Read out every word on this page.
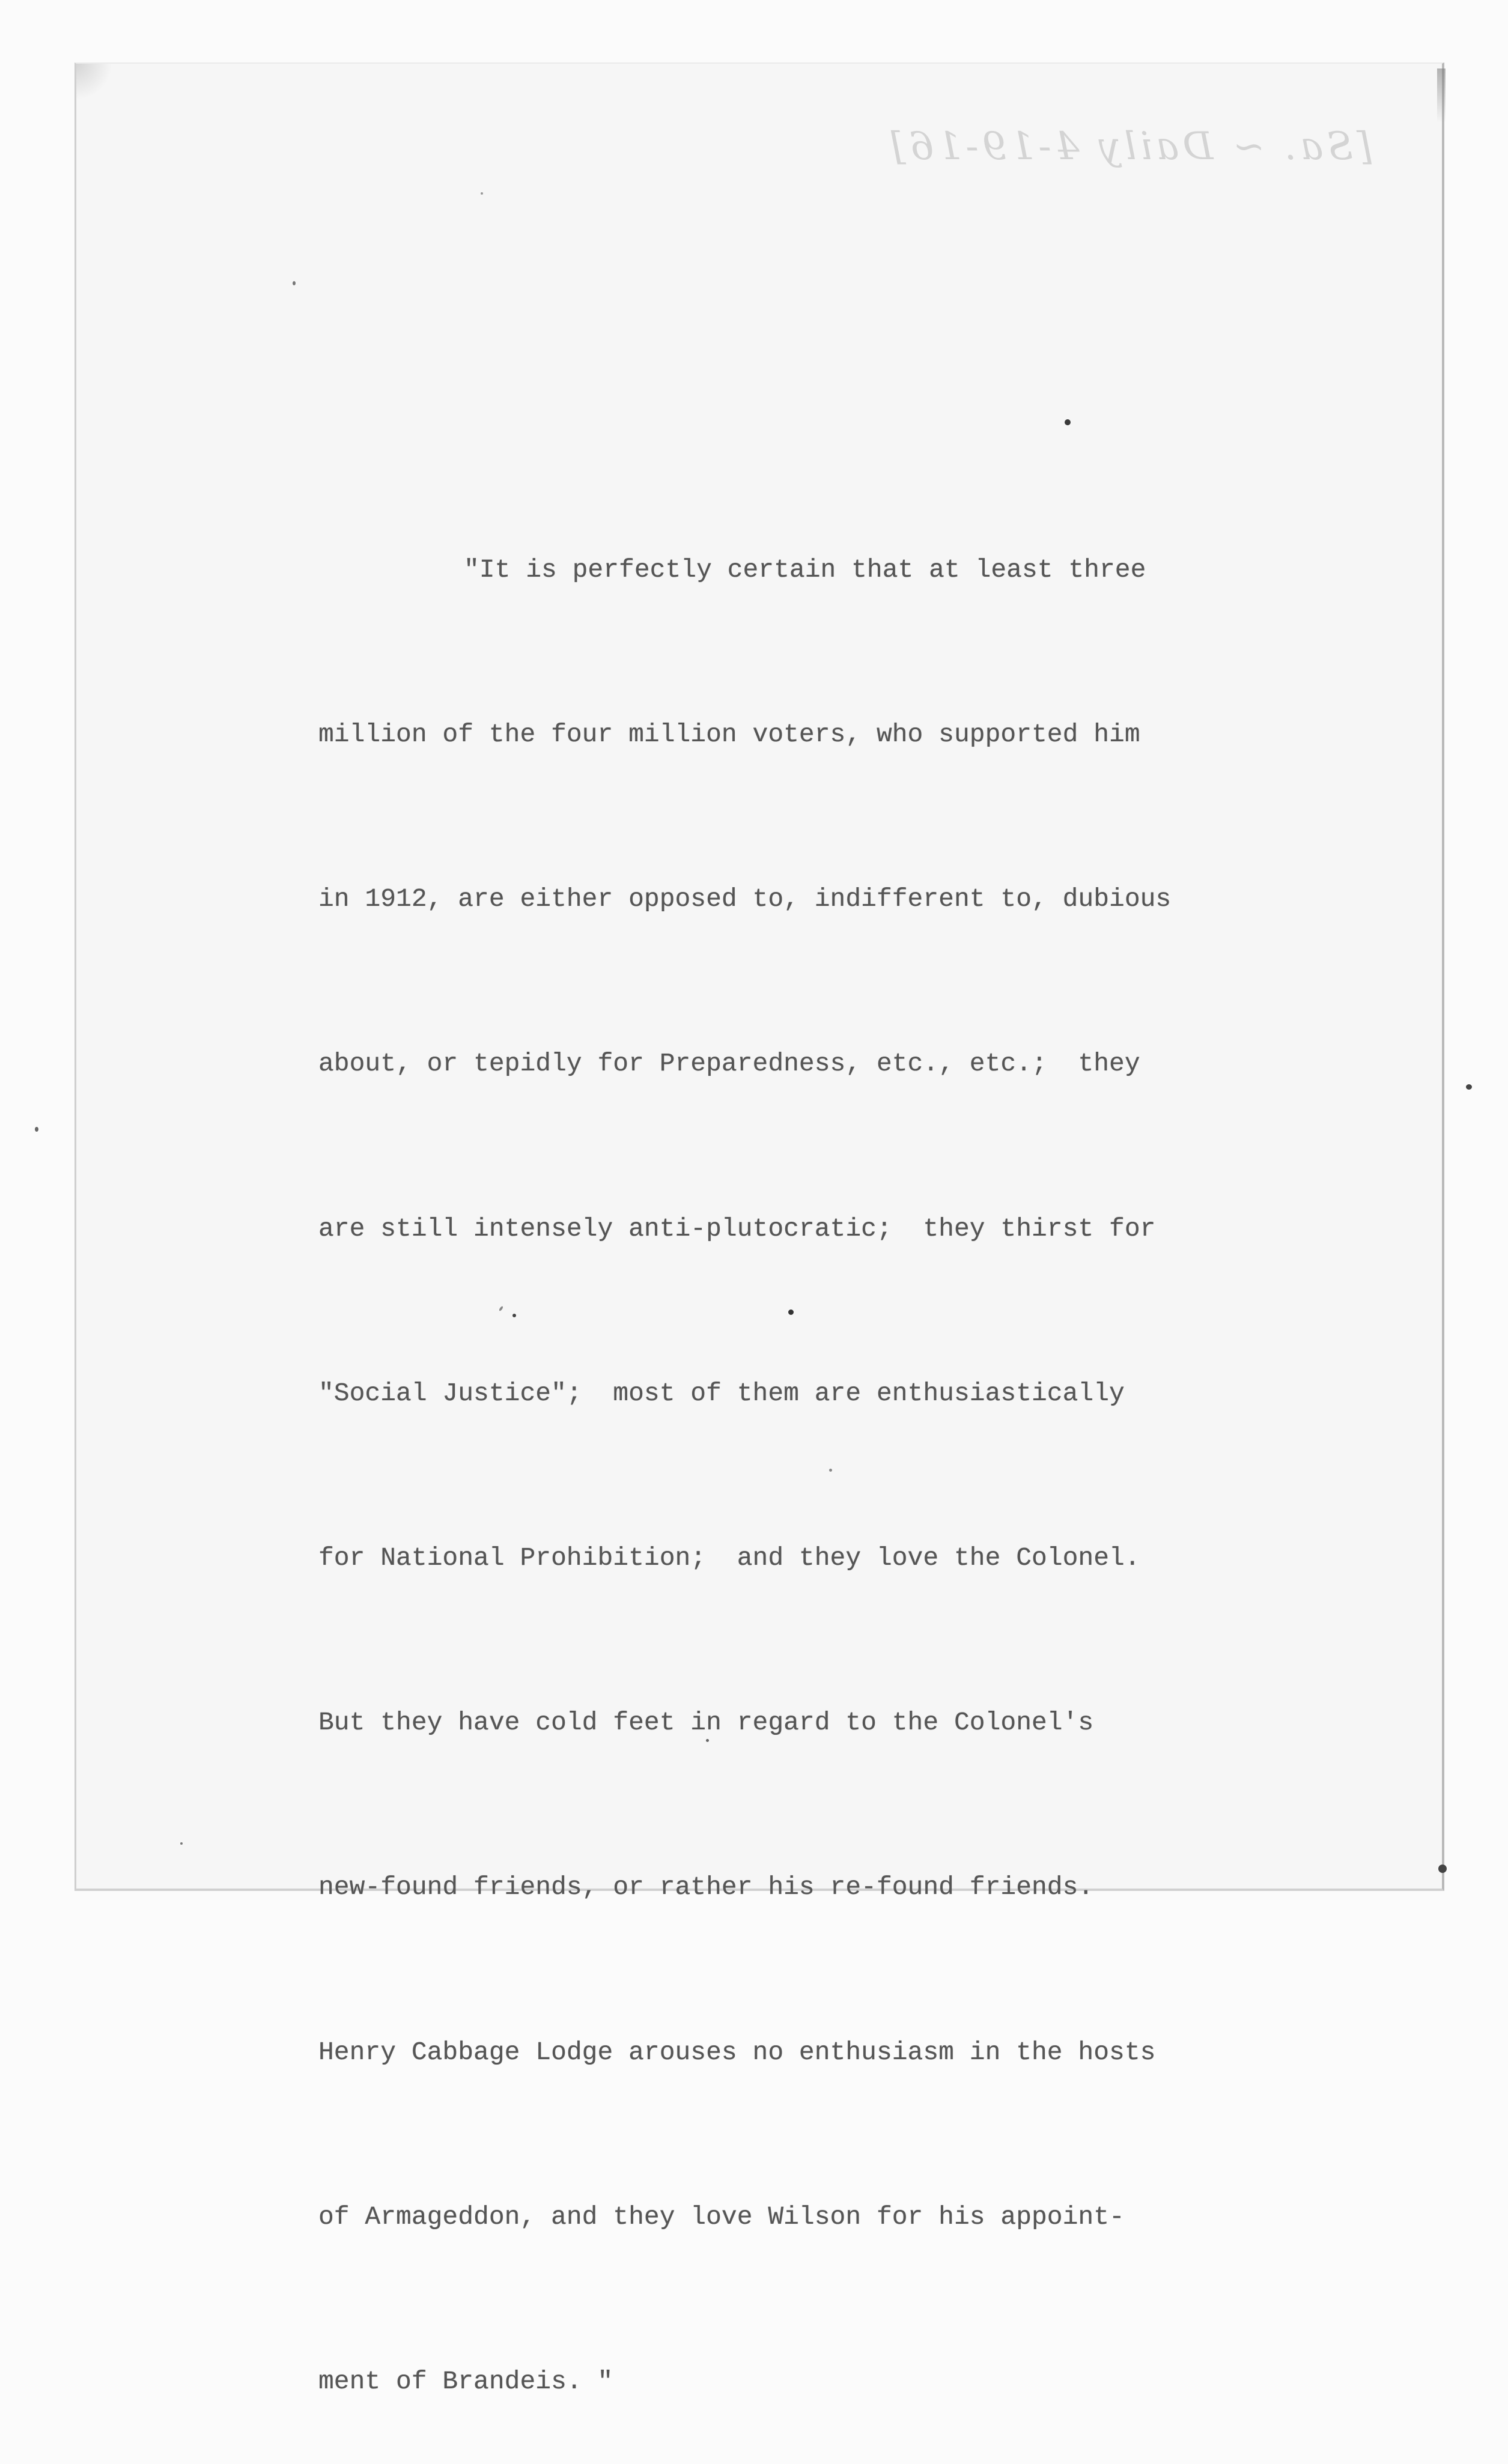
[Sa. ~ Daily 4-19-16]

"It is perfectly certain that at least three

million of the four million voters, who supported him

in 1912, are either opposed to, indifferent to, dubious

about, or tepidly for Preparedness, etc., etc.;  they

are still intensely anti-plutocratic;  they thirst for

"Social Justice";  most of them are enthusiastically

for National Prohibition;  and they love the Colonel.

But they have cold feet in regard to the Colonel's

new-found friends, or rather his re-found friends.

Henry Cabbage Lodge arouses no enthusiasm in the hosts

of Armageddon, and they love Wilson for his appoint-

ment of Brandeis. "
